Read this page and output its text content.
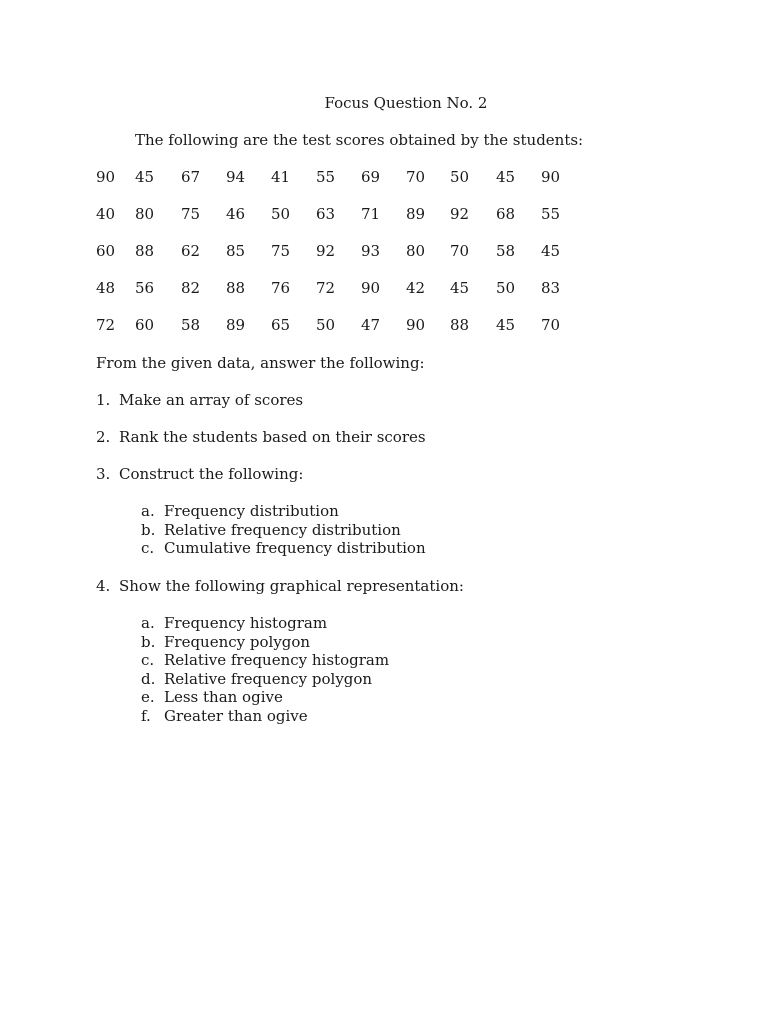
Focus Question No. 2
The following are the test scores obtained by the students:
90 45 67 94 41 55 69 70 50 45 90
40 80 75 46 50 63 71 89 92 68 55
60 88 62 85 75 92 93 80 70 58 45
48 56 82 88 76 72 90 42 45 50 83
72 60 58 89 65 50 47 90 88 45 70
From the given data, answer the following:
1. Make an array of scores
2. Rank the students based on their scores
3. Construct the following:
a. Frequency distribution
b. Relative frequency distribution
c. Cumulative frequency distribution
4. Show the following graphical representation:
a. Frequency histogram
b. Frequency polygon
c. Relative frequency histogram
d. Relative frequency polygon
e. Less than ogive
f. Greater than ogive
